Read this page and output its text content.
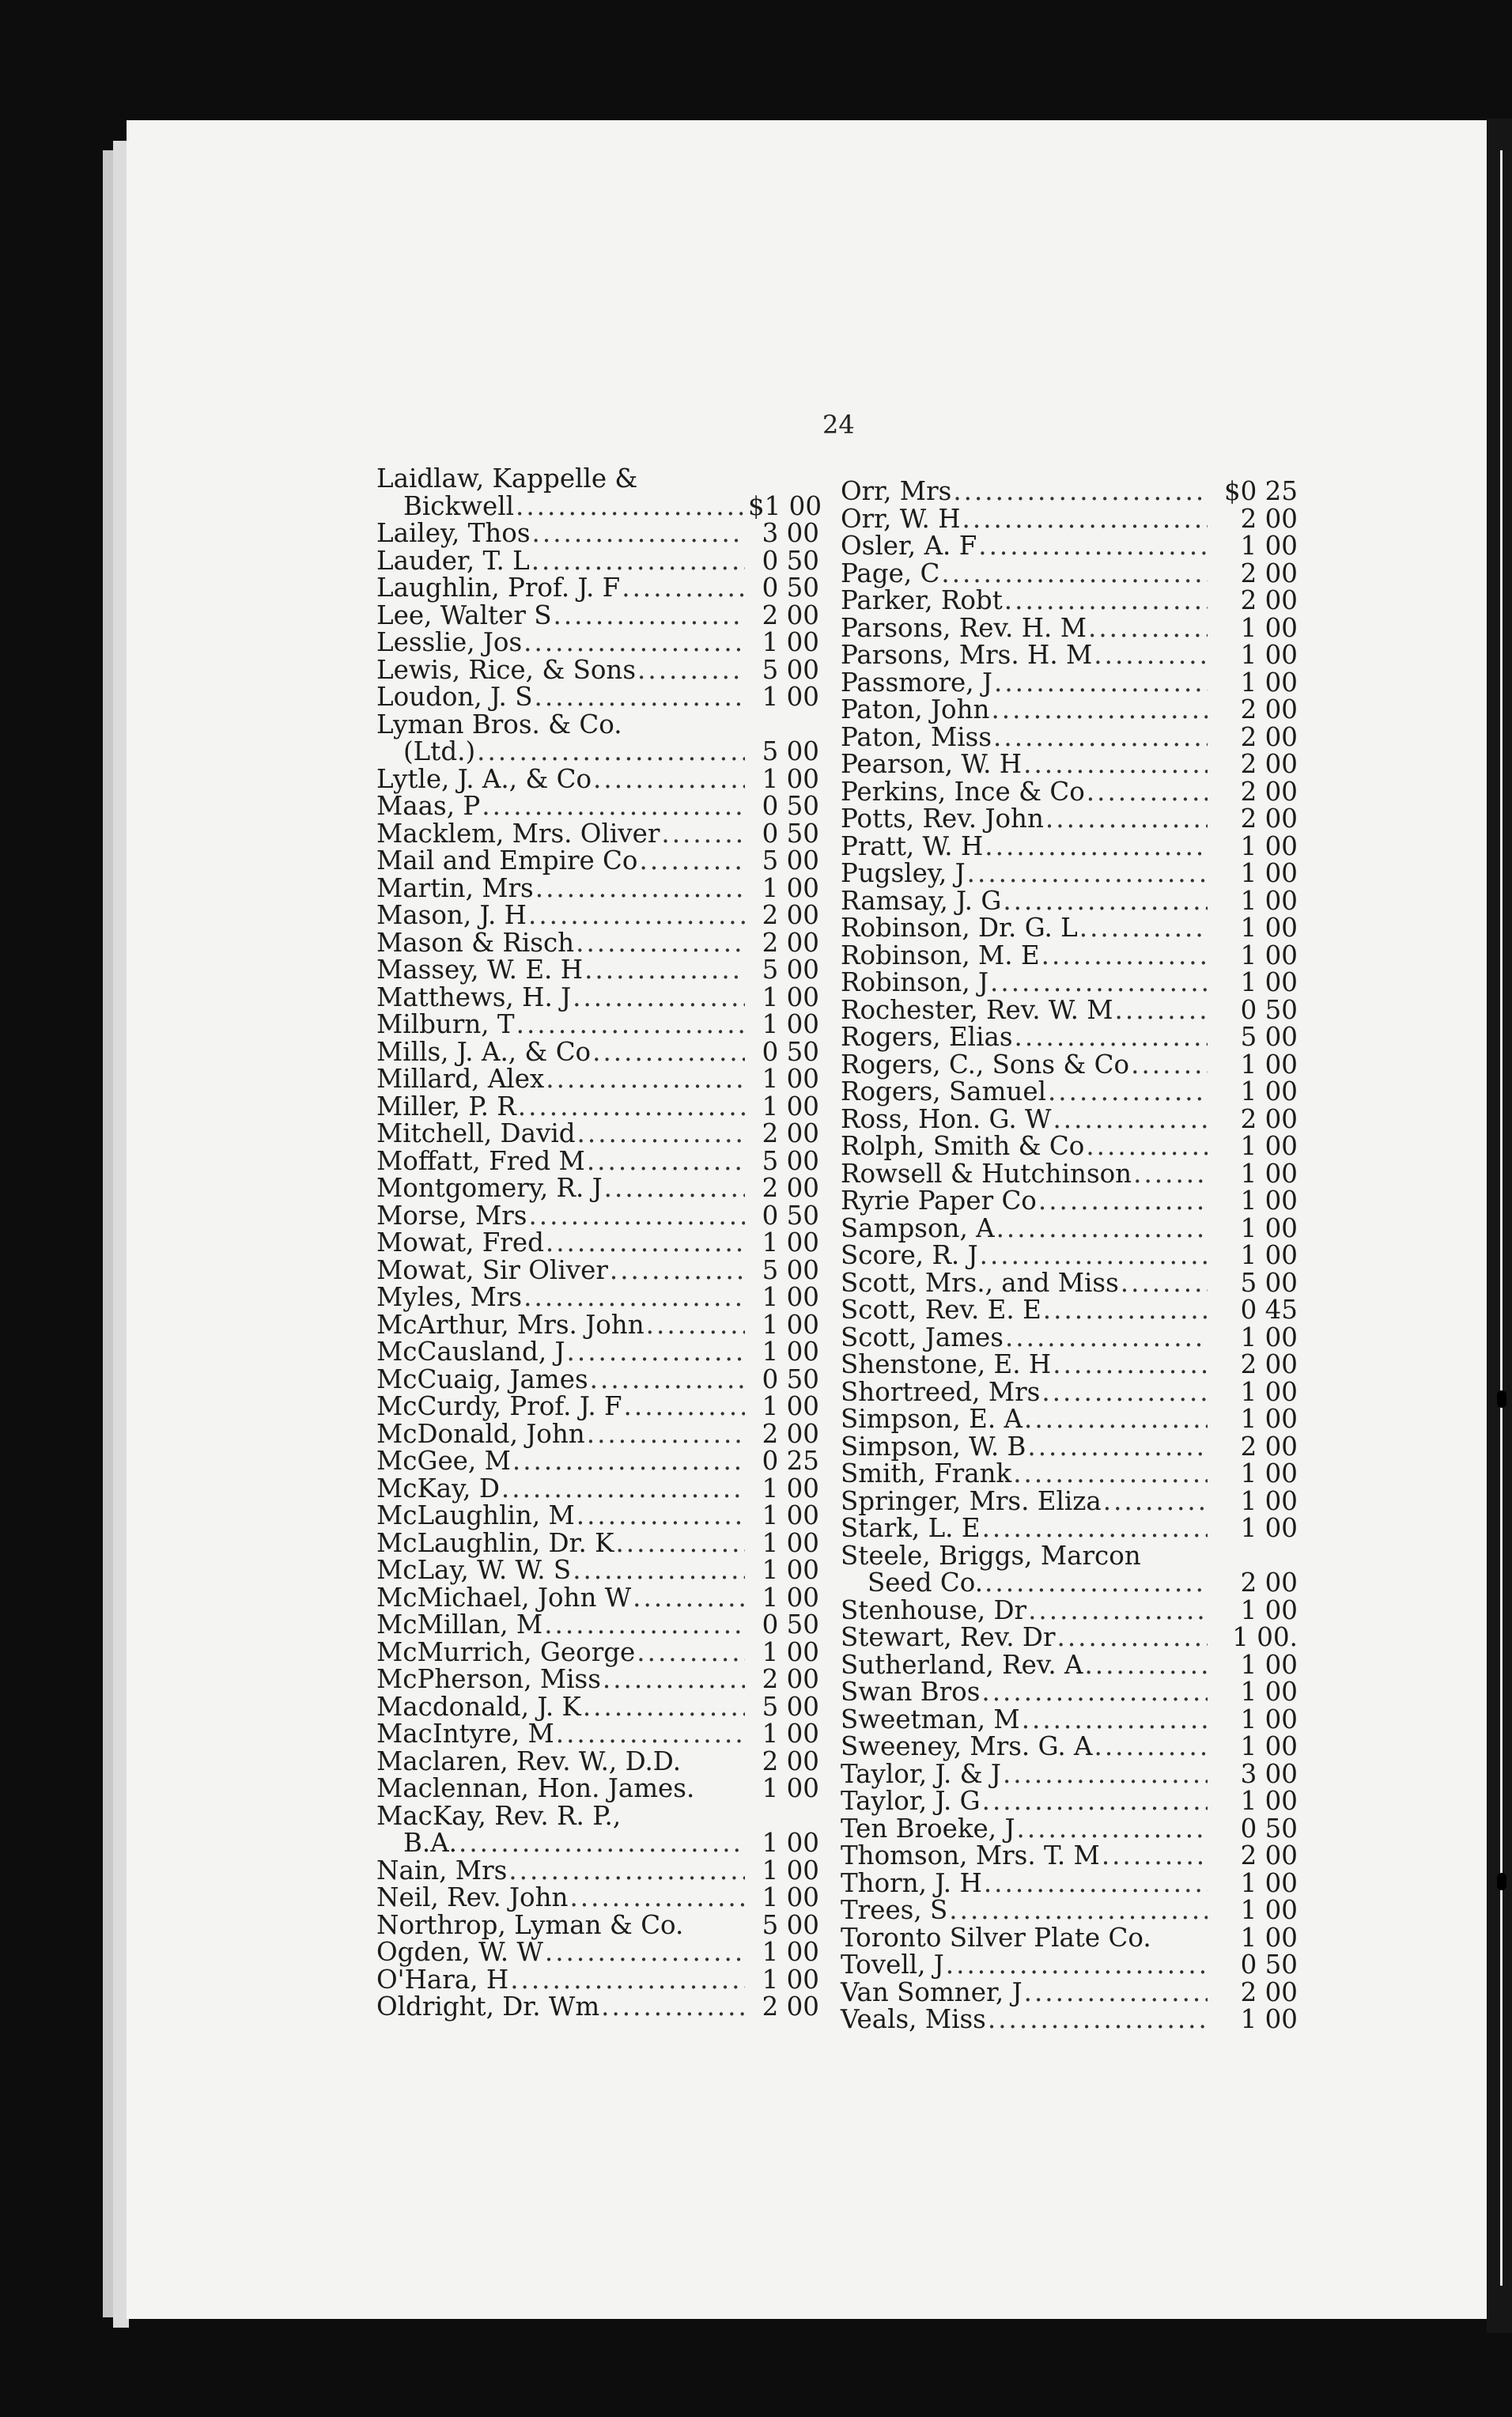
24
Laidlaw, Kappelle &
Bickwell .....	$1 00
Lailey, Thos .....	3 00
Lauder, T. L .....	0 50
Laughlin, Prof. J. F .....	0 50
Lee, Walter S .....	2 00
Lesslie, Jos .....	1 00
Lewis, Rice, & Sons .....	5 00
Loudon, J. S .....	1 00
Lyman Bros. & Co.
(Ltd.) .....	5 00
Lytle, J. A., & Co .....	1 00
Maas, P .....	0 50
Macklem, Mrs. Oliver .....	0 50
Mail and Empire Co .....	5 00
Martin, Mrs .....	1 00
Mason, J. H .....	2 00
Mason & Risch .....	2 00
Massey, W. E. H .....	5 00
Matthews, H. J .....	1 00
Milburn, T .....	1 00
Mills, J. A., & Co .....	0 50
Millard, Alex .....	1 00
Miller, P. R .....	1 00
Mitchell, David .....	2 00
Moffatt, Fred M .....	5 00
Montgomery, R. J .....	2 00
Morse, Mrs .....	0 50
Mowat, Fred .....	1 00
Mowat, Sir Oliver .....	5 00
Myles, Mrs .....	1 00
McArthur, Mrs. John .....	1 00
McCausland, J .....	1 00
McCuaig, James .....	0 50
McCurdy, Prof. J. F .....	1 00
McDonald, John .....	2 00
McGee, M .....	0 25
McKay, D .....	1 00
McLaughlin, M .....	1 00
McLaughlin, Dr. K .....	1 00
McLay, W. W. S .....	1 00
McMichael, John W .....	1 00
McMillan, M .....	0 50
McMurrich, George .....	1 00
McPherson, Miss .....	2 00
Macdonald, J. K .....	5 00
MacIntyre, M .....	1 00
Maclaren, Rev. W., D.D.	2 00
Maclennan, Hon. James.	1 00
MacKay, Rev. R. P.,
B.A. .....	1 00
Nain, Mrs .....	1 00
Neil, Rev. John .....	1 00
Northrop, Lyman & Co.	5 00
Ogden, W. W .....	1 00
O'Hara, H .....	1 00
Oldright, Dr. Wm .....	2 00
Orr, Mrs .....	$0 25
Orr, W. H .....	2 00
Osler, A. F .....	1 00
Page, C .....	2 00
Parker, Robt .....	2 00
Parsons, Rev. H. M .....	1 00
Parsons, Mrs. H. M .....	1 00
Passmore, J .....	1 00
Paton, John .....	2 00
Paton, Miss .....	2 00
Pearson, W. H .....	2 00
Perkins, Ince & Co .....	2 00
Potts, Rev. John .....	2 00
Pratt, W. H .....	1 00
Pugsley, J .....	1 00
Ramsay, J. G .....	1 00
Robinson, Dr. G. L .....	1 00
Robinson, M. E .....	1 00
Robinson, J .....	1 00
Rochester, Rev. W. M .....	0 50
Rogers, Elias .....	5 00
Rogers, C., Sons & Co .....	1 00
Rogers, Samuel .....	1 00
Ross, Hon. G. W .....	2 00
Rolph, Smith & Co .....	1 00
Rowsell & Hutchinson .....	1 00
Ryrie Paper Co .....	1 00
Sampson, A .....	1 00
Score, R. J .....	1 00
Scott, Mrs., and Miss .....	5 00
Scott, Rev. E. E .....	0 45
Scott, James .....	1 00
Shenstone, E. H .....	2 00
Shortreed, Mrs .....	1 00
Simpson, E. A .....	1 00
Simpson, W. B .....	2 00
Smith, Frank .....	1 00
Springer, Mrs. Eliza .....	1 00
Stark, L. E .....	1 00
Steele, Briggs, Marcon
Seed Co. .....	2 00
Stenhouse, Dr .....	1 00
Stewart, Rev. Dr .....	1 00.
Sutherland, Rev. A .....	1 00
Swan Bros .....	1 00
Sweetman, M .....	1 00
Sweeney, Mrs. G. A .....	1 00
Taylor, J. & J .....	3 00
Taylor, J. G .....	1 00
Ten Broeke, J .....	0 50
Thomson, Mrs. T. M .....	2 00
Thorn, J. H .....	1 00
Trees, S .....	1 00
Toronto Silver Plate Co.	1 00
Tovell, J .....	0 50
Van Somner, J .....	2 00
Veals, Miss .....	1 00
